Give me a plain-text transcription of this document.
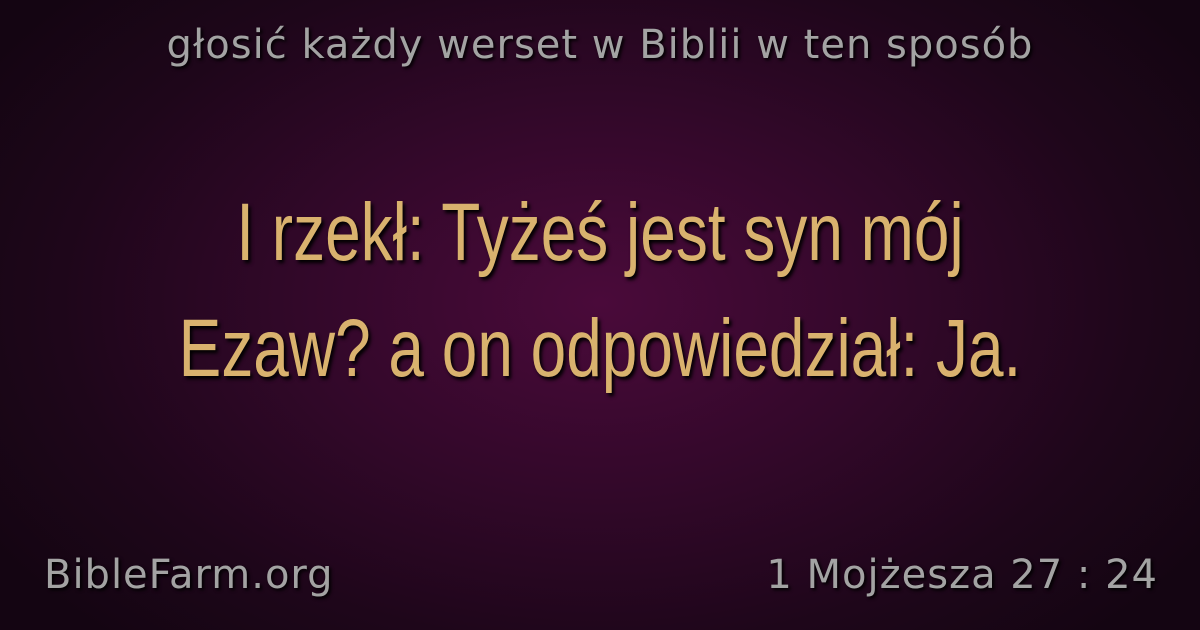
głosić każdy werset w Biblii w ten sposób
I rzekł: Tyżeś jest syn mój
Ezaw? a on odpowiedział: Ja.
BibleFarm.org	1 Mojżesza 27 : 24
